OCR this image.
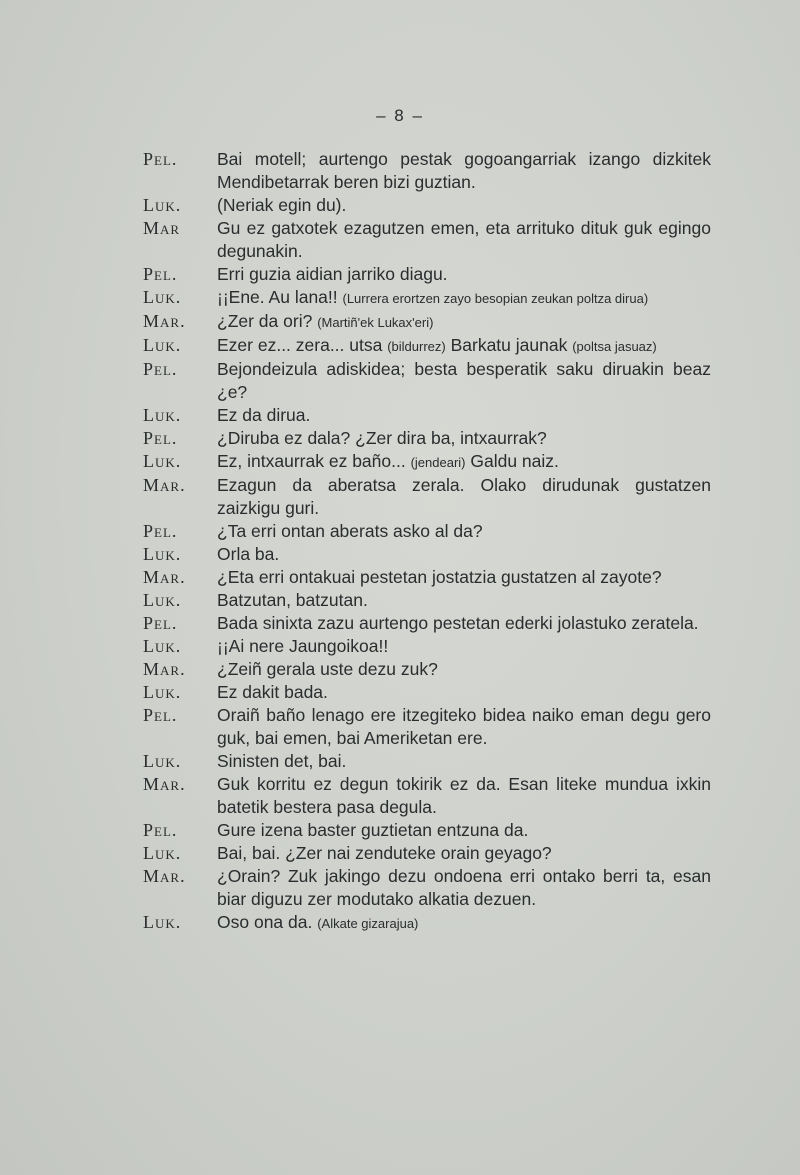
– 8 –
Pel.	Bai motell; aurtengo pestak gogoangarriak izango dizkitek Mendibetarrak beren bizi guztian.
Luk.	(Neriak egin du).
Mar	Gu ez gatxotek ezagutzen emen, eta arrituko dituk guk egingo degunakin.
Pel.	Erri guzia aidian jarriko diagu.
Luk.	¡¡Ene. Au lana!! (Lurrera erortzen zayo besopian zeukan poltza dirua)
Mar.	¿Zer da ori? (Martiñ'ek Lukax'eri)
Luk.	Ezer ez... zera... utsa (bildurrez) Barkatu jaunak (poltsa jasuaz)
Pel.	Bejondeizula adiskidea; besta besperatik saku diruakin beaz ¿e?
Luk.	Ez da dirua.
Pel.	¿Diruba ez dala? ¿Zer dira ba, intxaurrak?
Luk.	Ez, intxaurrak ez baño... (jendeari) Galdu naiz.
Mar.	Ezagun da aberatsa zerala. Olako dirudunak gustatzen zaizkigu guri.
Pel.	¿Ta erri ontan aberats asko al da?
Luk.	Orla ba.
Mar.	¿Eta erri ontakuai pestetan jostatzia gustatzen al zayote?
Luk.	Batzutan, batzutan.
Pel.	Bada sinixta zazu aurtengo pestetan ederki jolastuko zeratela.
Luk.	¡¡Ai nere Jaungoikoa!!
Mar.	¿Zeiñ gerala uste dezu zuk?
Luk.	Ez dakit bada.
Pel.	Oraiñ baño lenago ere itzegiteko bidea naiko eman degu gero guk, bai emen, bai Ameriketan ere.
Luk.	Sinisten det, bai.
Mar.	Guk korritu ez degun tokirik ez da. Esan liteke mundua ixkin batetik bestera pasa degula.
Pel.	Gure izena baster guztietan entzuna da.
Luk.	Bai, bai. ¿Zer nai zenduteke orain geyago?
Mar.	¿Orain? Zuk jakingo dezu ondoena erri ontako berri ta, esan biar diguzu zer modutako alkatia dezuen.
Luk.	Oso ona da. (Alkate gizarajua)
